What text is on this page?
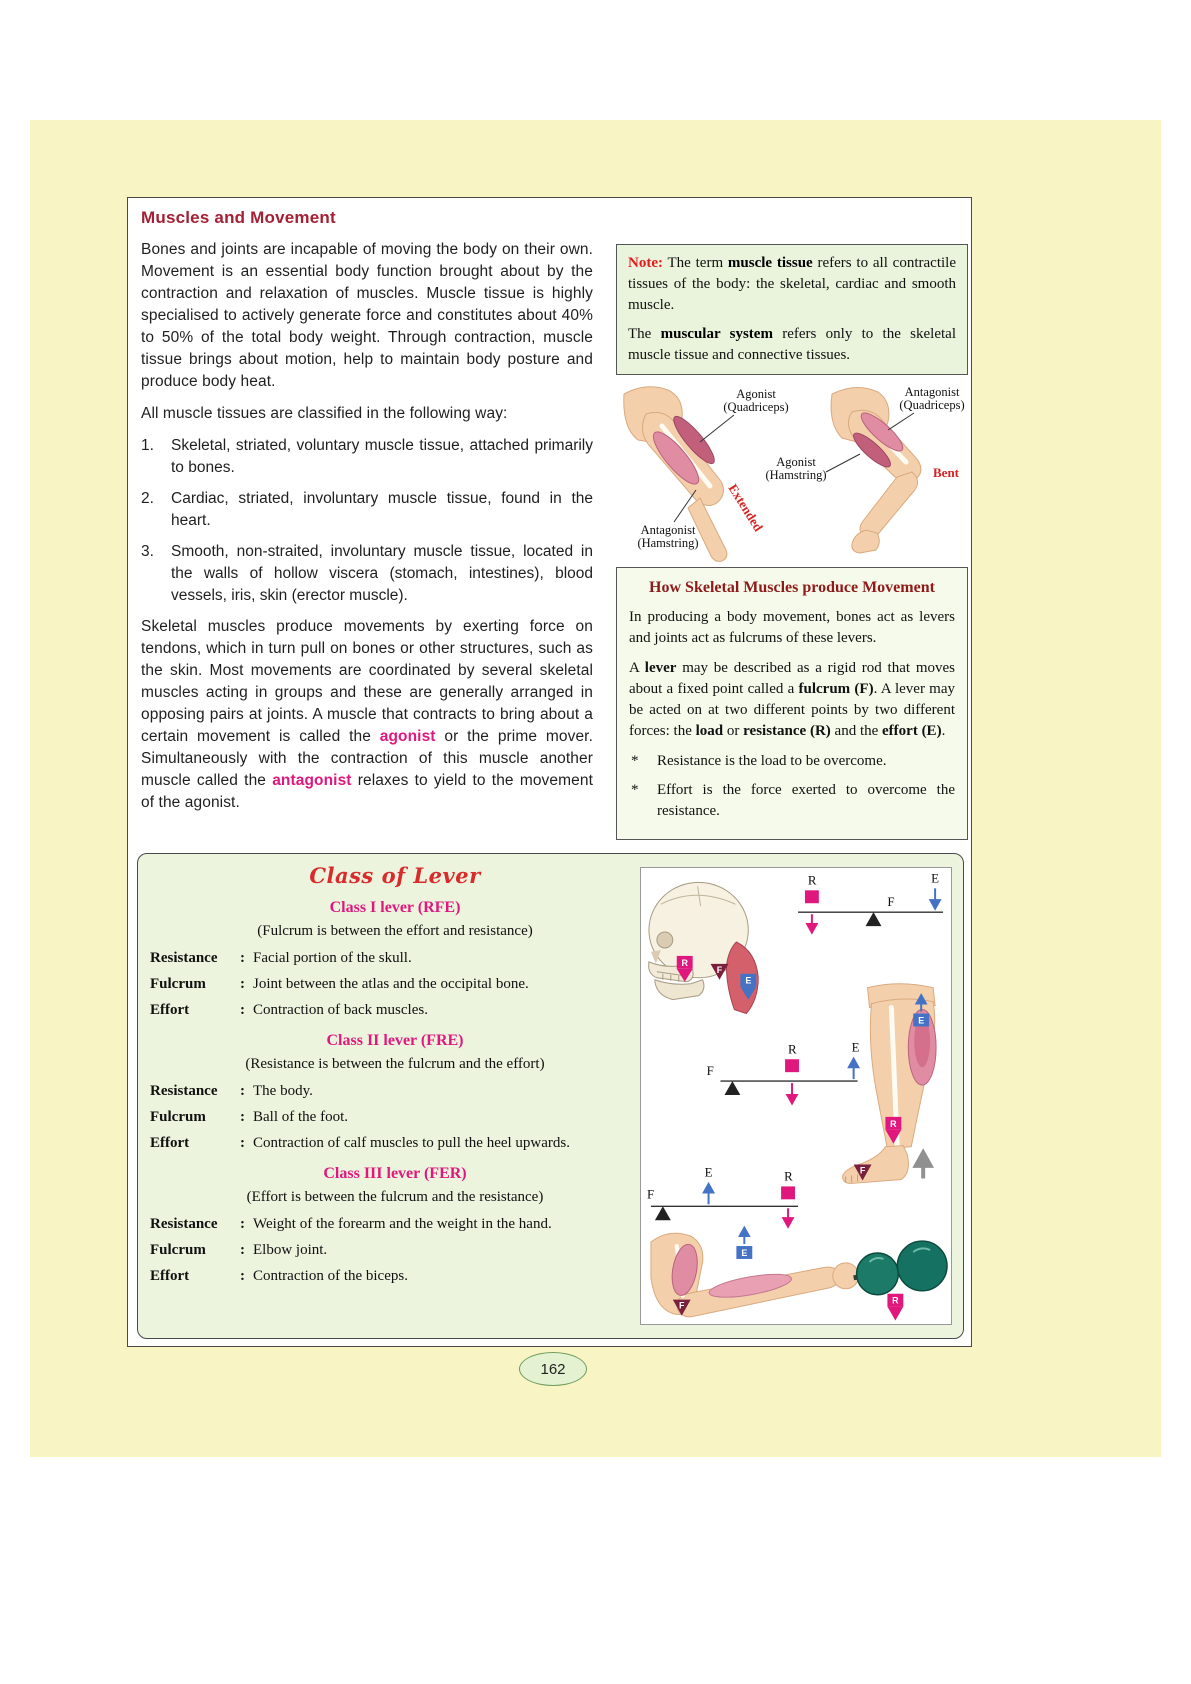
Muscles and Movement

Bones and joints are incapable of moving the body on their own. Movement is an essential body function brought about by the contraction and relaxation of muscles. Muscle tissue is highly specialised to actively generate force and constitutes about 40% to 50% of the total body weight. Through contraction, muscle tissue brings about motion, help to maintain body posture and produce body heat.

All muscle tissues are classified in the following way:

1.	Skeletal, striated, voluntary muscle tissue, attached primarily to bones.
2.	Cardiac, striated, involuntary muscle tissue, found in the heart.
3.	Smooth, non-straited, involuntary muscle tissue, located in the walls of hollow viscera (stomach, intestines), blood vessels, iris, skin (erector muscle).

Skeletal muscles produce movements by exerting force on tendons, which in turn pull on bones or other structures, such as the skin. Most movements are coordinated by several skeletal muscles acting in groups and these are generally arranged in opposing pairs at joints. A muscle that contracts to bring about a certain movement is called the agonist or the prime mover. Simultaneously with the contraction of this muscle another muscle called the antagonist relaxes to yield to the movement of the agonist.

Note: The term muscle tissue refers to all contractile tissues of the body: the skeletal, cardiac and smooth muscle.

The muscular system refers only to the skeletal muscle tissue and connective tissues.

Agonist
(Quadriceps)
Antagonist
(Quadriceps)
Agonist
(Hamstring)
Antagonist
(Hamstring)
Extended
Bent
How Skeletal Muscles produce Movement

In producing a body movement, bones act as levers and joints act as fulcrums of these levers.

A lever may be described as a rigid rod that moves about a fixed point called a fulcrum (F). A lever may be acted on at two different points by two different forces: the load or resistance (R) and the effort (E).

*	Resistance is the load to be overcome.
*	Effort is the force exerted to overcome the resistance.
Class of Lever
Class I lever (RFE)
(Fulcrum is between the effort and resistance)
Resistance	: Facial portion of the skull.
Fulcrum	: Joint between the atlas and the occipital bone.
Effort	: Contraction of back muscles.
Class II lever (FRE)
(Resistance is between the fulcrum and the effort)
Resistance	: The body.
Fulcrum	: Ball of the foot.
Effort	: Contraction of calf muscles to pull the heel upwards.
Class III lever (FER)
(Effort is between the fulcrum and the resistance)
Resistance	: Weight of the forearm and the weight in the hand.
Fulcrum	: Elbow joint.
Effort	: Contraction of the biceps.
R
F
E
R
F
E
F
R	E
E
R
F
F
E	R
E
F	R
162
